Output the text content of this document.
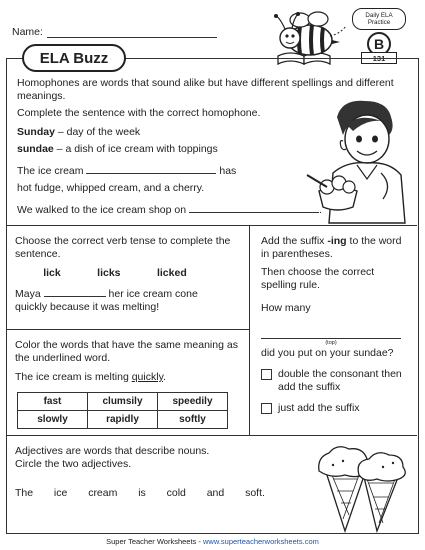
Name:
Daily ELA
Practice
B
131

Homophones are words that sound alike but have different spellings and different meanings.

Complete the sentence with the correct homophone.

Sunday – day of the week

sundae – a dish of ice cream with toppings

The ice cream	has

hot fudge, whipped cream, and a cherry.

We walked to the ice cream shop on	.

Choose the correct verb tense to complete the sentence.

lick	licks	licked

Maya	her ice cream cone

quickly because it was melting!

Add the suffix -ing to the word in parentheses.

Then choose the correct spelling rule.

How many

(top)

did you put on your sundae?

double the consonant then add the suffix
just add the suffix

Color the words that have the same meaning as the underlined word.

The ice cream is melting quickly.

fast	clumsily	speedily
slowly	rapidly	softly

Adjectives are words that describe nouns.

Circle the two adjectives.

The ice cream is cold and soft.
ELA Buzz
Super Teacher Worksheets - www.superteacherworksheets.com
